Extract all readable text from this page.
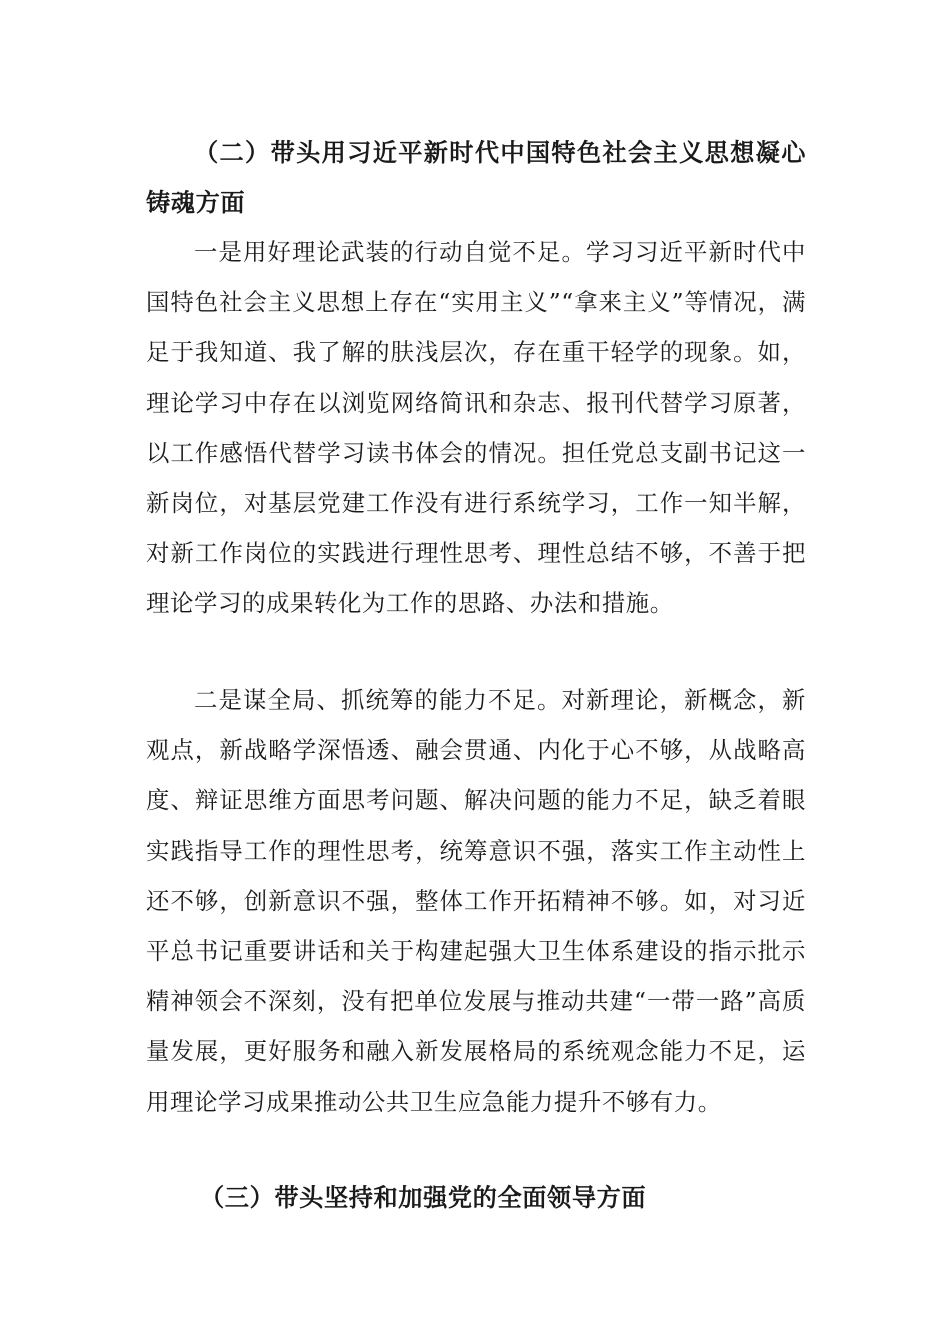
（二）带头用习近平新时代中国特色社会主义思想凝心铸魂方面

一是用好理论武装的行动自觉不足。学习习近平新时代中国特色社会主义思想上存在“实用主义”“拿来主义”等情况，满足于我知道、我了解的肤浅层次，存在重干轻学的现象。如，理论学习中存在以浏览网络简讯和杂志、报刊代替学习原著，以工作感悟代替学习读书体会的情况。担任党总支副书记这一新岗位，对基层党建工作没有进行系统学习，工作一知半解，对新工作岗位的实践进行理性思考、理性总结不够，不善于把理论学习的成果转化为工作的思路、办法和措施。

二是谋全局、抓统筹的能力不足。对新理论，新概念，新观点，新战略学深悟透、融会贯通、内化于心不够，从战略高度、辩证思维方面思考问题、解决问题的能力不足，缺乏着眼实践指导工作的理性思考，统筹意识不强，落实工作主动性上还不够，创新意识不强，整体工作开拓精神不够。如，对习近平总书记重要讲话和关于构建起强大卫生体系建设的指示批示精神领会不深刻，没有把单位发展与推动共建“一带一路”高质量发展，更好服务和融入新发展格局的系统观念能力不足，运用理论学习成果推动公共卫生应急能力提升不够有力。

（三）带头坚持和加强党的全面领导方面
